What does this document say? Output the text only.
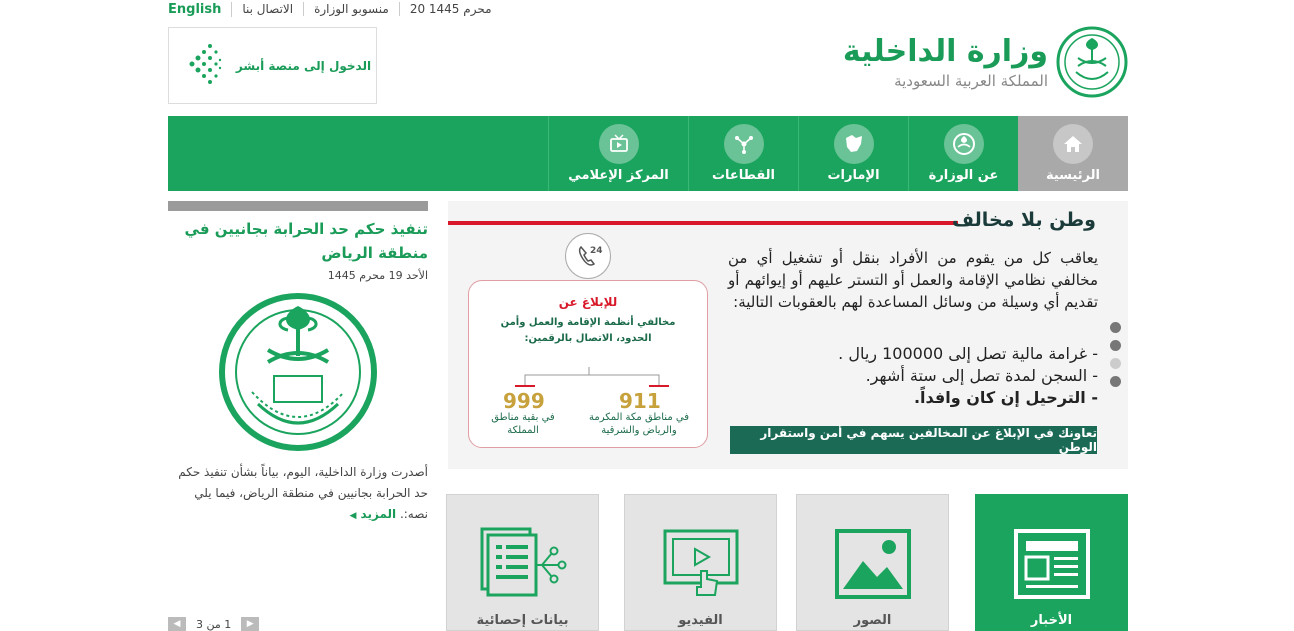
English	الاتصال بنا	منسوبو الوزارة	20 محرم 1445
الدخول إلى منصة أبشر	وزارة الداخلية
المملكة العربية السعودية
الرئيسية
عن الوزارة
الإمارات
القطاعات
المركز الإعلامي
تنفيذ حكم حد الحرابة بجانيين في منطقة الرياض
الأحد 19 محرم 1445
أصدرت وزارة الداخلية، اليوم، بياناً بشأن تنفيذ حكم حد الحرابة بجانيين في منطقة الرياض، فيما يلي نصه:. المزيد ◀
◀	1 من 3	▶
وطن بلا مخالف
يعاقب كل من يقوم من الأفراد بنقل أو تشغيل أي من مخالفي نظامي الإقامة والعمل أو التستر عليهم أو إيوائهم أو تقديم أي وسيلة من وسائل المساعدة لهم بالعقوبات التالية:
- غرامة مالية تصل إلى 100000 ريال .
- السجن لمدة تصل إلى ستة أشهر.
- الترحيل إن كان وافداً.
تعاونك في الإبلاغ عن المخالفين يسهم في أمن واستقرار الوطن
للإبلاغ عن
مخالفي أنظمة الإقامة والعمل وأمن الحدود، الاتصال بالرقمين:
999
في بقية مناطق المملكة
911
في مناطق مكة المكرمة والرياض والشرقية
24
الأخبار
الصور
الفيديو
بيانات إحصائية
